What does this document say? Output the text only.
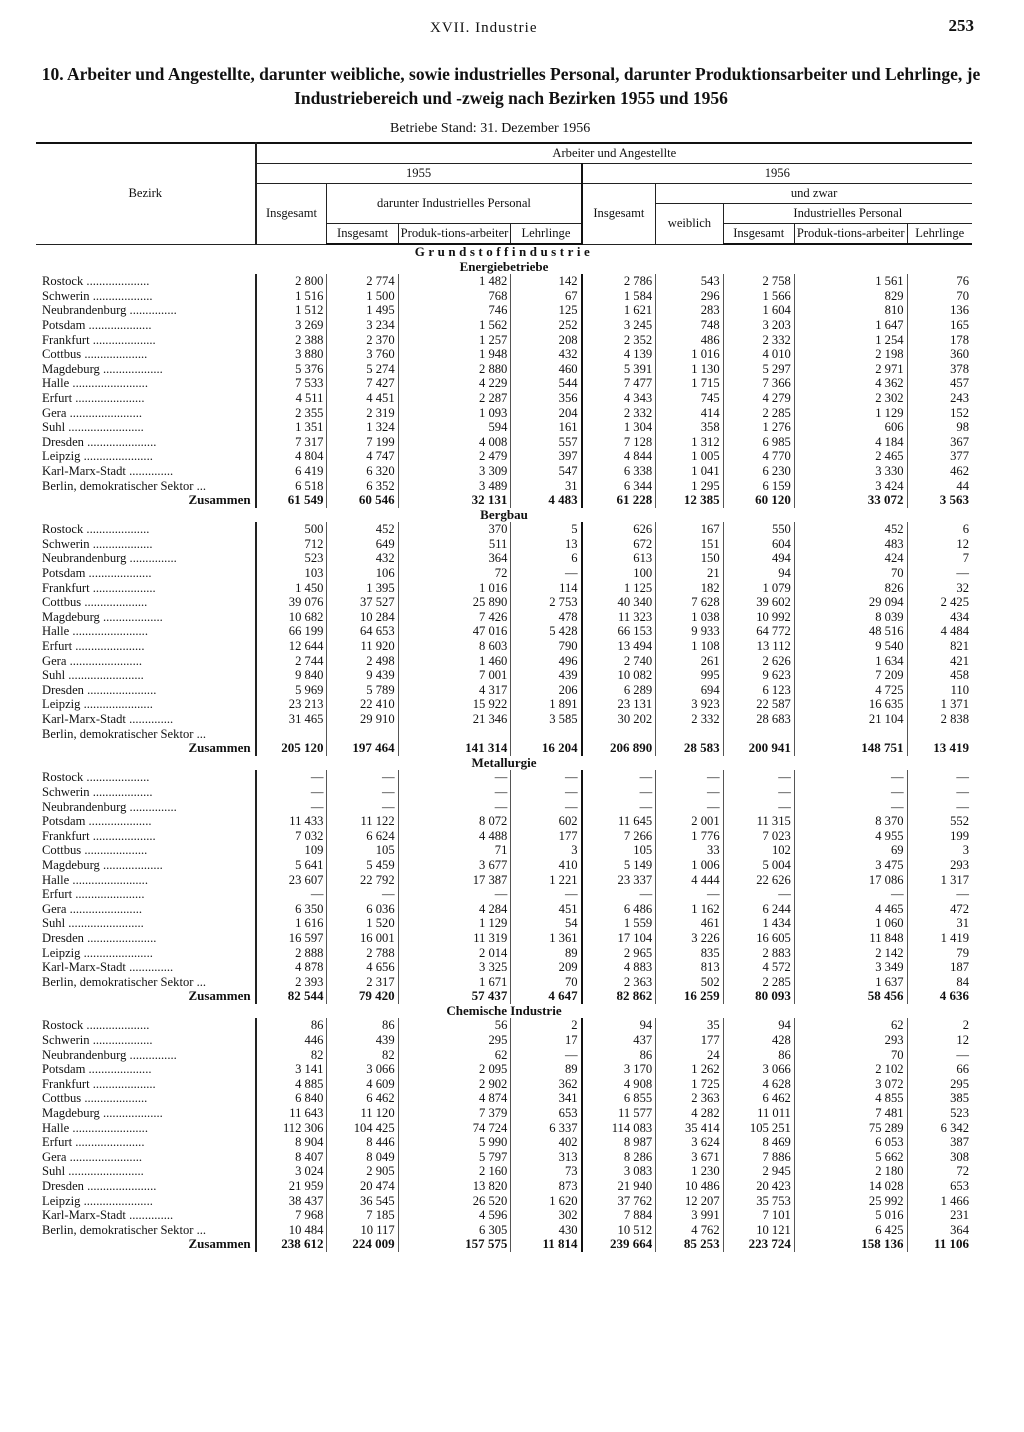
XVII. Industrie	253
10. Arbeiter und Angestellte, darunter weibliche, sowie industrielles Personal, darunter Produktionsarbeiter und Lehrlinge, je Industriebereich und -zweig nach Bezirken 1955 und 1956
Betriebe Stand: 31. Dezember 1956
Bezirk	Arbeiter und Angestellte								
	1955				1956				
	Insgesamt	darunter Industrielles Personal			Insgesamt	und zwar			
						weiblich	Industrielles Personal		
		Insgesamt	Produk-tions-arbeiter	Lehrlinge			Insgesamt	Produk-tions-arbeiter	Lehrlinge
Grundstoffindustrie									
Energiebetriebe									
Rostock ....................	2 800	2 774	1 482	142	2 786	543	2 758	1 561	76
Schwerin ...................	1 516	1 500	768	67	1 584	296	1 566	829	70
Neubrandenburg ...............	1 512	1 495	746	125	1 621	283	1 604	810	136
Potsdam ....................	3 269	3 234	1 562	252	3 245	748	3 203	1 647	165
Frankfurt ....................	2 388	2 370	1 257	208	2 352	486	2 332	1 254	178
Cottbus ....................	3 880	3 760	1 948	432	4 139	1 016	4 010	2 198	360
Magdeburg ...................	5 376	5 274	2 880	460	5 391	1 130	5 297	2 971	378
Halle ........................	7 533	7 427	4 229	544	7 477	1 715	7 366	4 362	457
Erfurt ......................	4 511	4 451	2 287	356	4 343	745	4 279	2 302	243
Gera .......................	2 355	2 319	1 093	204	2 332	414	2 285	1 129	152
Suhl ........................	1 351	1 324	594	161	1 304	358	1 276	606	98
Dresden ......................	7 317	7 199	4 008	557	7 128	1 312	6 985	4 184	367
Leipzig ......................	4 804	4 747	2 479	397	4 844	1 005	4 770	2 465	377
Karl-Marx-Stadt ..............	6 419	6 320	3 309	547	6 338	1 041	6 230	3 330	462
Berlin, demokratischer Sektor ...	6 518	6 352	3 489	31	6 344	1 295	6 159	3 424	44
Zusammen	61 549	60 546	32 131	4 483	61 228	12 385	60 120	33 072	3 563
Bergbau									
Rostock ....................	500	452	370	5	626	167	550	452	6
Schwerin ...................	712	649	511	13	672	151	604	483	12
Neubrandenburg ...............	523	432	364	6	613	150	494	424	7
Potsdam ....................	103	106	72	—	100	21	94	70	—
Frankfurt ....................	1 450	1 395	1 016	114	1 125	182	1 079	826	32
Cottbus ....................	39 076	37 527	25 890	2 753	40 340	7 628	39 602	29 094	2 425
Magdeburg ...................	10 682	10 284	7 426	478	11 323	1 038	10 992	8 039	434
Halle ........................	66 199	64 653	47 016	5 428	66 153	9 933	64 772	48 516	4 484
Erfurt ......................	12 644	11 920	8 603	790	13 494	1 108	13 112	9 540	821
Gera .......................	2 744	2 498	1 460	496	2 740	261	2 626	1 634	421
Suhl ........................	9 840	9 439	7 001	439	10 082	995	9 623	7 209	458
Dresden ......................	5 969	5 789	4 317	206	6 289	694	6 123	4 725	110
Leipzig ......................	23 213	22 410	15 922	1 891	23 131	3 923	22 587	16 635	1 371
Karl-Marx-Stadt ..............	31 465	29 910	21 346	3 585	30 202	2 332	28 683	21 104	2 838
Berlin, demokratischer Sektor ...									
Zusammen	205 120	197 464	141 314	16 204	206 890	28 583	200 941	148 751	13 419
Metallurgie									
Rostock ....................	—	—	—	—	—	—	—	—	—
Schwerin ...................	—	—	—	—	—	—	—	—	—
Neubrandenburg ...............	—	—	—	—	—	—	—	—	—
Potsdam ....................	11 433	11 122	8 072	602	11 645	2 001	11 315	8 370	552
Frankfurt ....................	7 032	6 624	4 488	177	7 266	1 776	7 023	4 955	199
Cottbus ....................	109	105	71	3	105	33	102	69	3
Magdeburg ...................	5 641	5 459	3 677	410	5 149	1 006	5 004	3 475	293
Halle ........................	23 607	22 792	17 387	1 221	23 337	4 444	22 626	17 086	1 317
Erfurt ......................	—	—	—	—	—	—	—	—	—
Gera .......................	6 350	6 036	4 284	451	6 486	1 162	6 244	4 465	472
Suhl ........................	1 616	1 520	1 129	54	1 559	461	1 434	1 060	31
Dresden ......................	16 597	16 001	11 319	1 361	17 104	3 226	16 605	11 848	1 419
Leipzig ......................	2 888	2 788	2 014	89	2 965	835	2 883	2 142	79
Karl-Marx-Stadt ..............	4 878	4 656	3 325	209	4 883	813	4 572	3 349	187
Berlin, demokratischer Sektor ...	2 393	2 317	1 671	70	2 363	502	2 285	1 637	84
Zusammen	82 544	79 420	57 437	4 647	82 862	16 259	80 093	58 456	4 636
Chemische Industrie									
Rostock ....................	86	86	56	2	94	35	94	62	2
Schwerin ...................	446	439	295	17	437	177	428	293	12
Neubrandenburg ...............	82	82	62	—	86	24	86	70	—
Potsdam ....................	3 141	3 066	2 095	89	3 170	1 262	3 066	2 102	66
Frankfurt ....................	4 885	4 609	2 902	362	4 908	1 725	4 628	3 072	295
Cottbus ....................	6 840	6 462	4 874	341	6 855	2 363	6 462	4 855	385
Magdeburg ...................	11 643	11 120	7 379	653	11 577	4 282	11 011	7 481	523
Halle ........................	112 306	104 425	74 724	6 337	114 083	35 414	105 251	75 289	6 342
Erfurt ......................	8 904	8 446	5 990	402	8 987	3 624	8 469	6 053	387
Gera .......................	8 407	8 049	5 797	313	8 286	3 671	7 886	5 662	308
Suhl ........................	3 024	2 905	2 160	73	3 083	1 230	2 945	2 180	72
Dresden ......................	21 959	20 474	13 820	873	21 940	10 486	20 423	14 028	653
Leipzig ......................	38 437	36 545	26 520	1 620	37 762	12 207	35 753	25 992	1 466
Karl-Marx-Stadt ..............	7 968	7 185	4 596	302	7 884	3 991	7 101	5 016	231
Berlin, demokratischer Sektor ...	10 484	10 117	6 305	430	10 512	4 762	10 121	6 425	364
Zusammen	238 612	224 009	157 575	11 814	239 664	85 253	223 724	158 136	11 106
